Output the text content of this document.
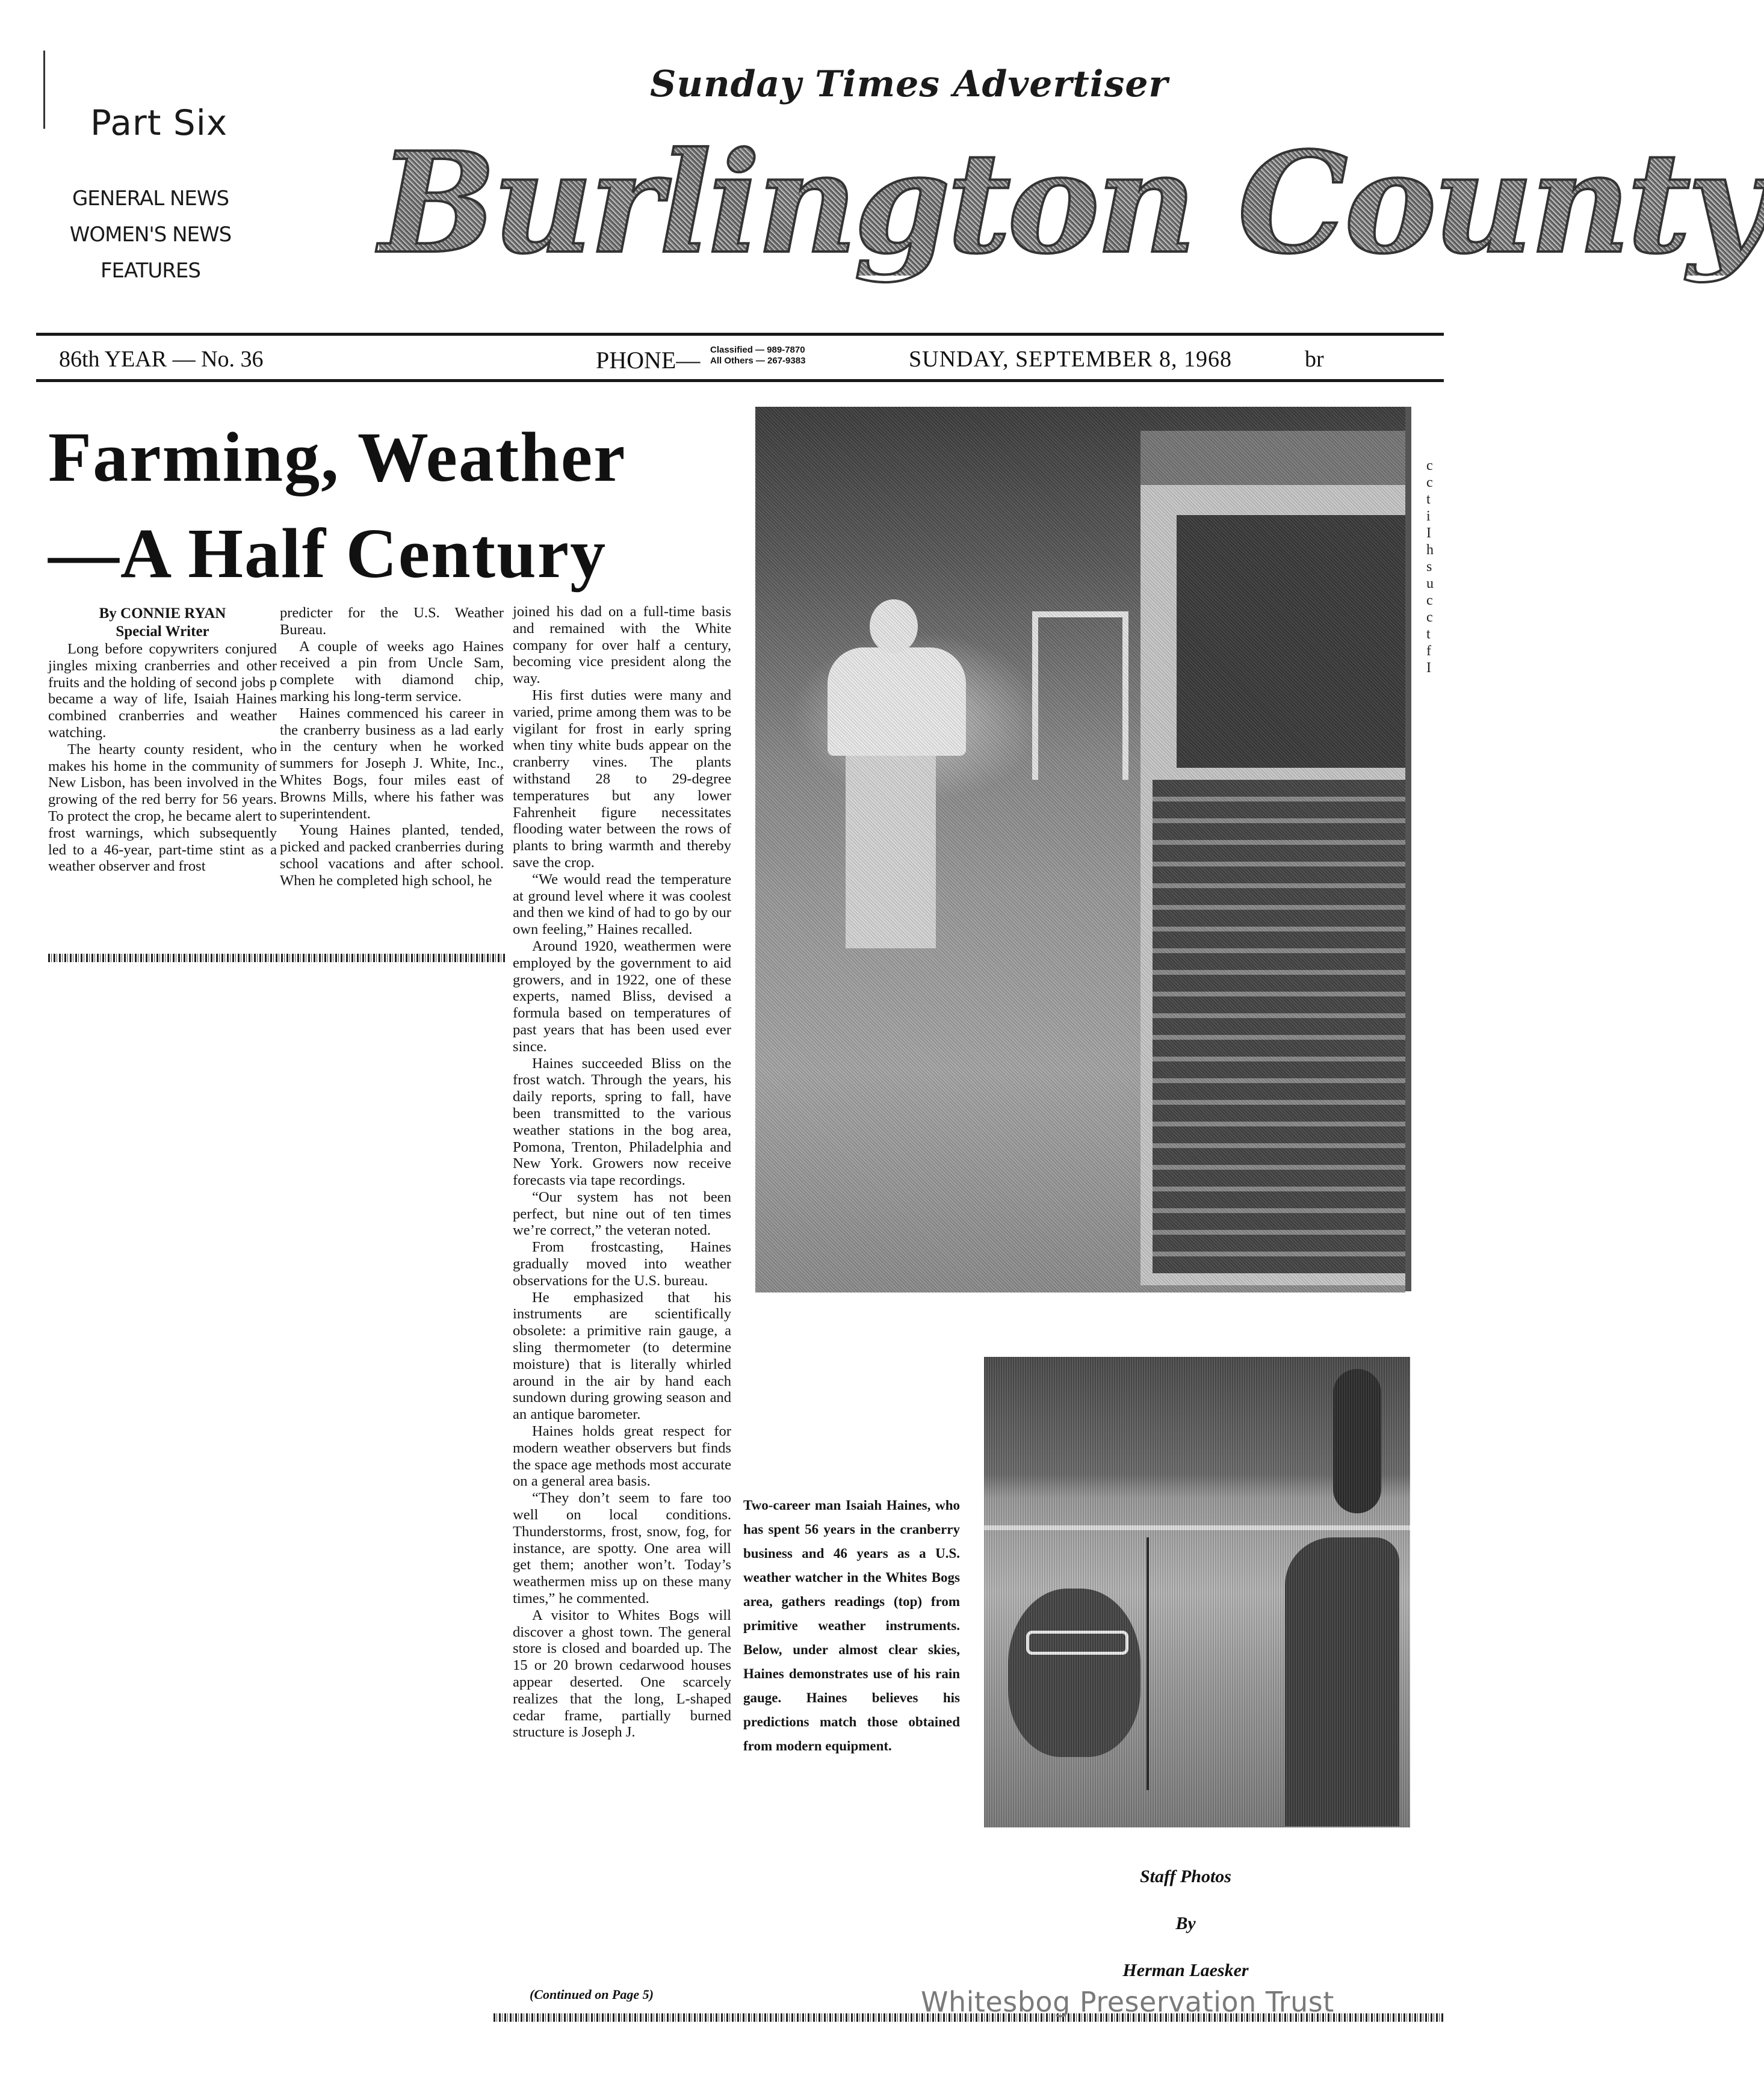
Part Six
GENERAL NEWS
WOMEN'S NEWS
FEATURES
Sunday Times Advertiser
Burlington County
86th YEAR — No. 36	PHONE— Classified — 989-7870
All Others — 267-9383	SUNDAY, SEPTEMBER 8, 1968	br
Farming, Weather
—A Half Century

By CONNIE RYAN

Special Writer

Long before copywriters conjured jingles mixing cranberries and other fruits and the holding of second jobs p became a way of life, Isaiah Haines combined cranberries and weather watching.

The hearty county resident, who makes his home in the community of New Lisbon, has been involved in the growing of the red berry for 56 years. To protect the crop, he became alert to frost warnings, which subsequently led to a 46-year, part-time stint as a weather observer and frost

predicter for the U.S. Weather Bureau.

A couple of weeks ago Haines received a pin from Uncle Sam, complete with diamond chip, marking his long-term service.

Haines commenced his career in the cranberry business as a lad early in the century when he worked summers for Joseph J. White, Inc., Whites Bogs, four miles east of Browns Mills, where his father was superintendent.

Young Haines planted, tended, picked and packed cranberries during school vacations and after school. When he completed high school, he

joined his dad on a full-time basis and remained with the White company for over half a century, becoming vice president along the way.

His first duties were many and varied, prime among them was to be vigilant for frost in early spring when tiny white buds appear on the cranberry vines. The plants withstand 28 to 29-degree temperatures but any lower Fahrenheit figure necessitates flooding water between the rows of plants to bring warmth and thereby save the crop.

“We would read the temperature at ground level where it was coolest and then we kind of had to go by our own feeling,” Haines recalled.

Around 1920, weathermen were employed by the government to aid growers, and in 1922, one of these experts, named Bliss, devised a formula based on temperatures of past years that has been used ever since.

Haines succeeded Bliss on the frost watch. Through the years, his daily reports, spring to fall, have been transmitted to the various weather stations in the bog area, Pomona, Trenton, Philadelphia and New York. Growers now receive forecasts via tape recordings.

“Our system has not been perfect, but nine out of ten times we’re correct,” the veteran noted.

From frostcasting, Haines gradually moved into weather observations for the U.S. bureau.

He emphasized that his instruments are scientifically obsolete: a primitive rain gauge, a sling thermometer (to determine moisture) that is literally whirled around in the air by hand each sundown during growing season and an antique barometer.

Haines holds great respect for modern weather observers but finds the space age methods most accurate on a general area basis.

“They don’t seem to fare too well on local conditions. Thunderstorms, frost, snow, fog, for instance, are spotty. One area will get them; another won’t. Today’s weathermen miss up on these many times,” he commented.

A visitor to Whites Bogs will discover a ghost town. The general store is closed and boarded up. The 15 or 20 brown cedarwood houses appear deserted. One scarcely realizes that the long, L-shaped cedar frame, partially burned structure is Joseph J.

(Continued on Page 5)
Two-career man Isaiah Haines, who has spent 56 years in the cranberry business and 46 years as a U.S. weather watcher in the Whites Bogs area, gathers readings (top) from primitive weather instruments. Below, under almost clear skies, Haines demonstrates use of his rain gauge. Haines believes his predictions match those obtained from modern equipment.
Staff Photos
By
Herman Laesker
c
c
t
i
I
h
s
u
c
c
t
f
I
Whitesbog Preservation Trust
